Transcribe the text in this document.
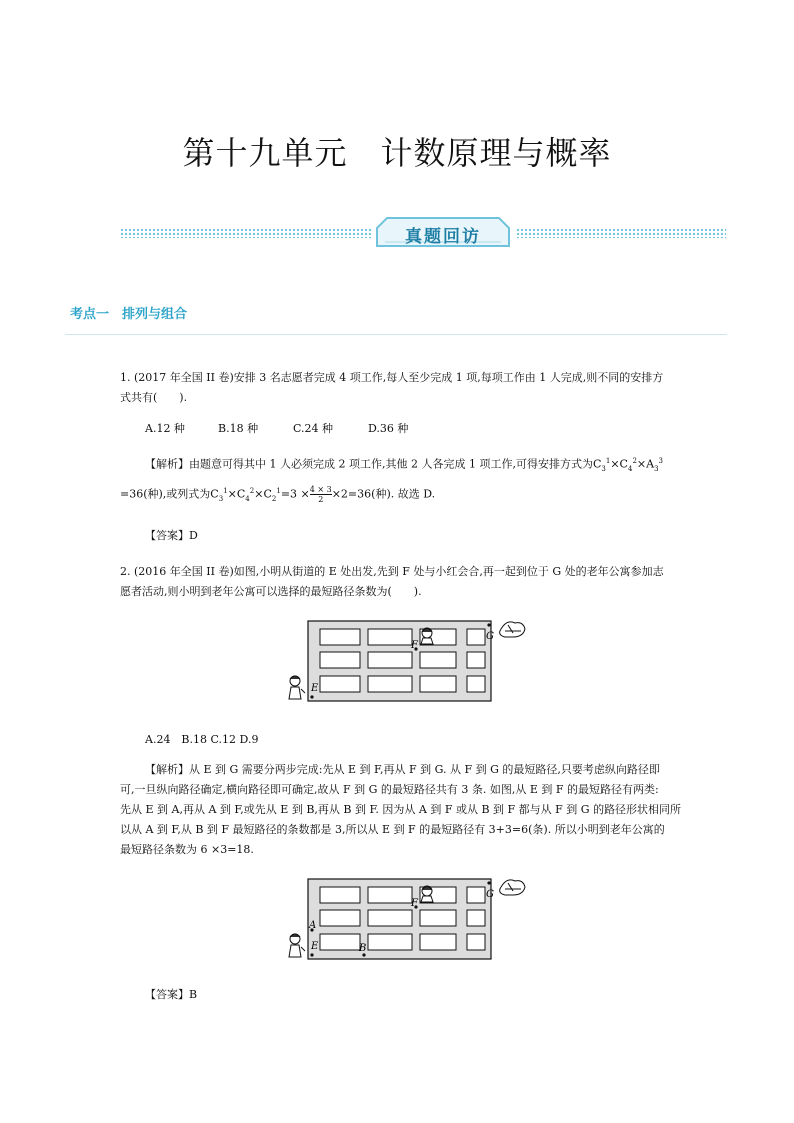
第十九单元　计数原理与概率
真题回访
考点一　排列与组合
1. (2017 年全国 II 卷)安排 3 名志愿者完成 4 项工作,每人至少完成 1 项,每项工作由 1 人完成,则不同的安排方
式共有(　　).
A.12 种	B.18 种	C.24 种	D.36 种
【解析】由题意可得其中 1 人必须完成 2 项工作,其他 2 人各完成 1 项工作,可得安排方式为$C_3^1\times C_4^2\times A_3^3$
=36(种),或列式为$C_3^1\times C_4^2\times C_2^1=3 \times \frac{4 \times 3}{2} \times 2=36$(种). 故选 D.
【答案】D
2. (2016 年全国 II 卷)如图,小明从街道的 E 处出发,先到 F 处与小红会合,再一起到位于 G 处的老年公寓参加志
愿者活动,则小明到老年公寓可以选择的最短路径条数为(　　).
F
G
E
A.24　B.18 C.12 D.9
【解析】从 E 到 G 需要分两步完成:先从 E 到 F,再从 F 到 G. 从 F 到 G 的最短路径,只要考虑纵向路径即
可,一旦纵向路径确定,横向路径即可确定,故从 F 到 G 的最短路径共有 3 条. 如图,从 E 到 F 的最短路径有两类:
先从 E 到 A,再从 A 到 F,或先从 E 到 B,再从 B 到 F. 因为从 A 到 F 或从 B 到 F 都与从 F 到 G 的路径形状相同所
以从 A 到 F,从 B 到 F 最短路径的条数都是 3,所以从 E 到 F 的最短路径有 3+3=6(条). 所以小明到老年公寓的
最短路径条数为 6 ×3=18.
F
G
E
A
B
【答案】B
